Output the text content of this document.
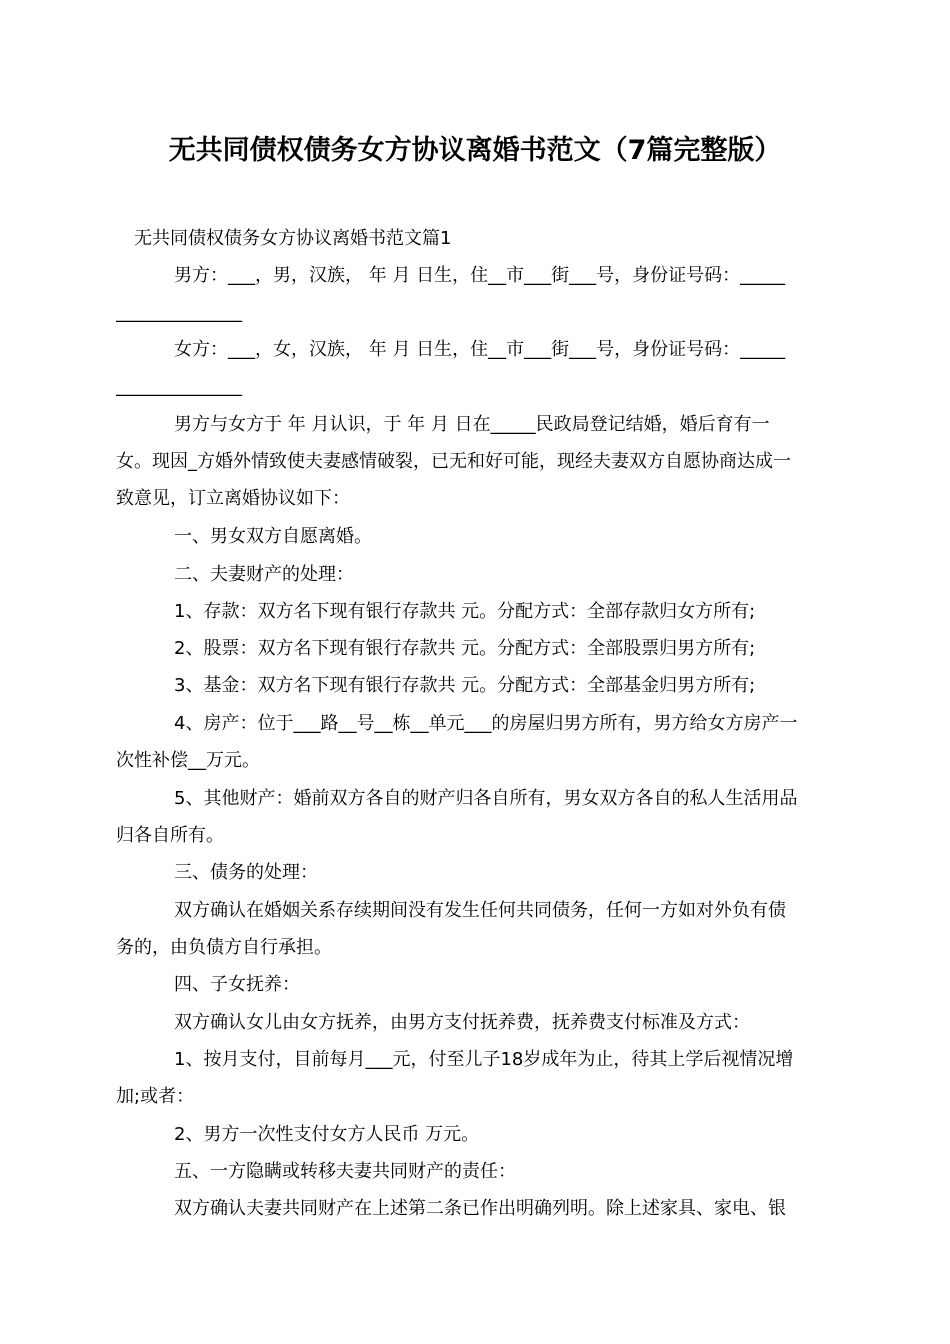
无共同债权债务女方协议离婚书范文（7篇完整版）
无共同债权债务女方协议离婚书范文篇1
男方：___，男，汉族， 年 月 日生，住__市___街___号，身份证号码：_____
______________
女方：___，女，汉族， 年 月 日生，住__市___街___号，身份证号码：_____
______________
男方与女方于 年 月认识，于 年 月 日在_____民政局登记结婚，婚后育有一
女。现因_方婚外情致使夫妻感情破裂，已无和好可能，现经夫妻双方自愿协商达成一
致意见，订立离婚协议如下：
一、男女双方自愿离婚。
二、夫妻财产的处理：
1、存款：双方名下现有银行存款共 元。分配方式：全部存款归女方所有;
2、股票：双方名下现有银行存款共 元。分配方式：全部股票归男方所有;
3、基金：双方名下现有银行存款共 元。分配方式：全部基金归男方所有;
4、房产：位于___路__号__栋__单元___的房屋归男方所有，男方给女方房产一
次性补偿__万元。
5、其他财产：婚前双方各自的财产归各自所有，男女双方各自的私人生活用品
归各自所有。
三、债务的处理：
双方确认在婚姻关系存续期间没有发生任何共同债务，任何一方如对外负有债
务的，由负债方自行承担。
四、子女抚养：
双方确认女儿由女方抚养，由男方支付抚养费，抚养费支付标准及方式：
1、按月支付，目前每月___元，付至儿子18岁成年为止，待其上学后视情况增
加;或者：
2、男方一次性支付女方人民币 万元。
五、一方隐瞒或转移夫妻共同财产的责任：
双方确认夫妻共同财产在上述第二条已作出明确列明。除上述家具、家电、银
